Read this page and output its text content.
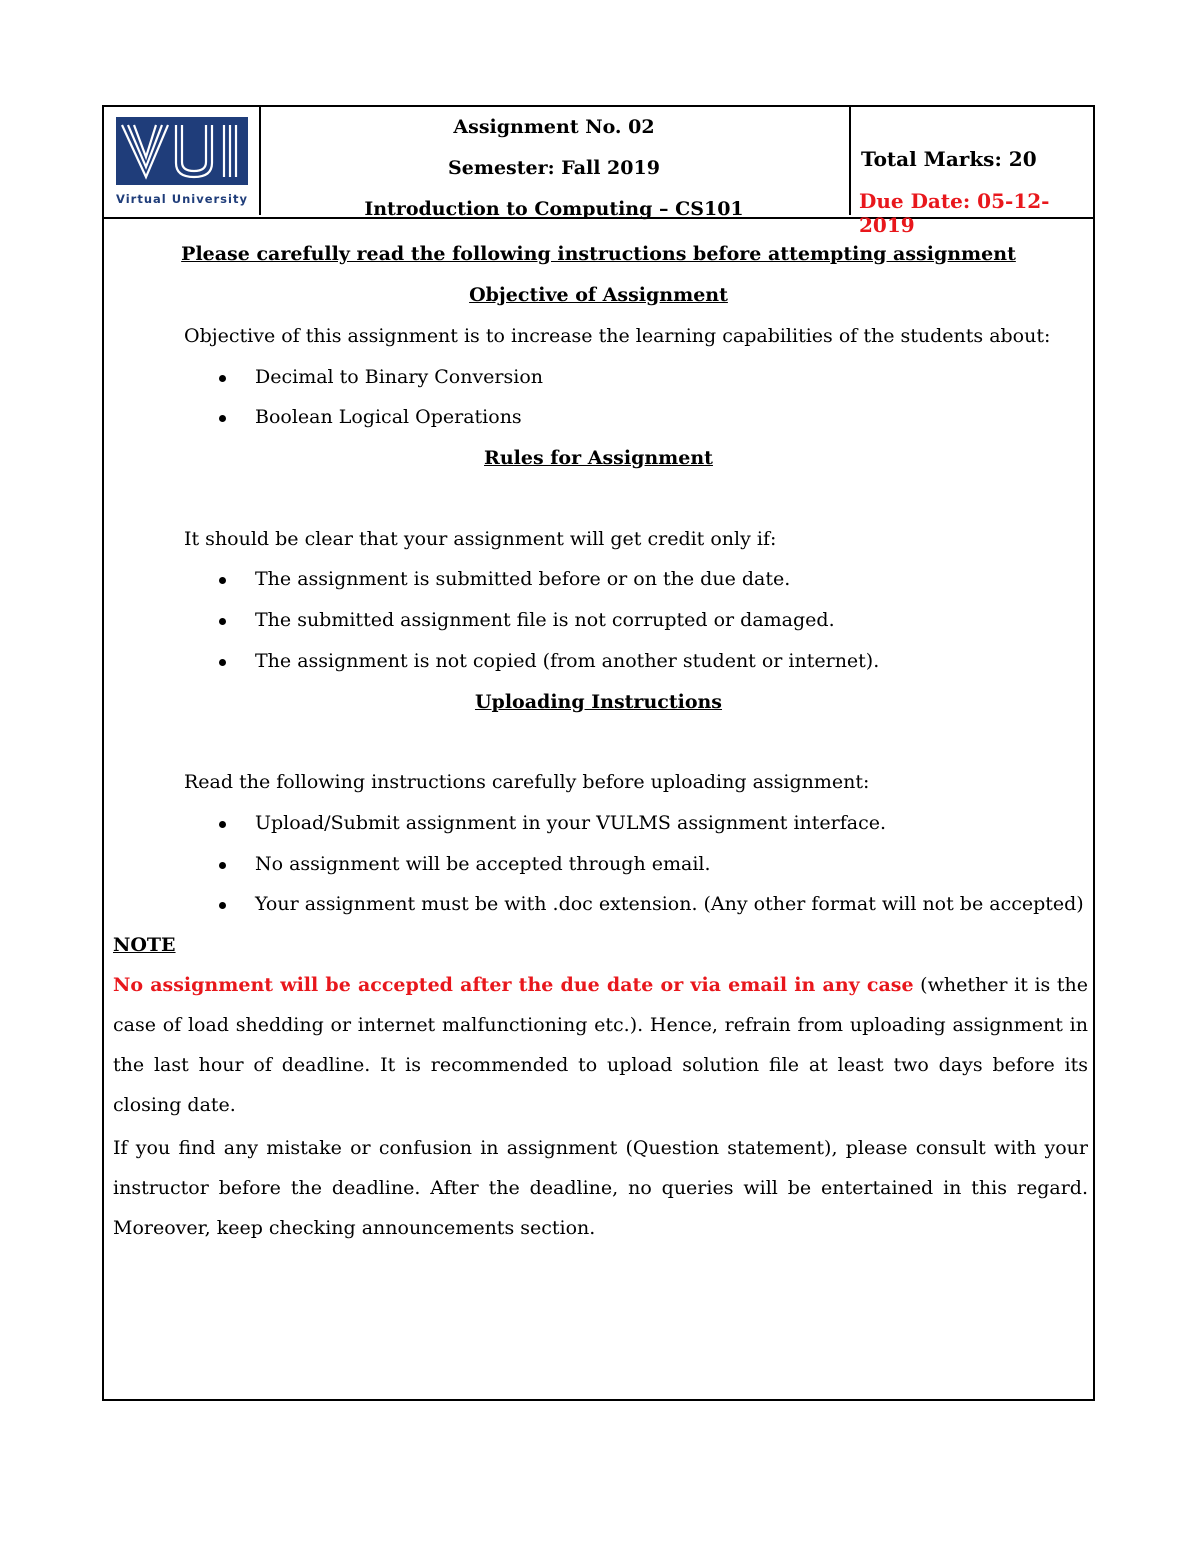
Virtual University
Assignment No. 02
Semester: Fall 2019
Introduction to Computing – CS101
Total Marks: 20
Due Date: 05-12-2019
Please carefully read the following instructions before attempting assignment
Objective of Assignment
Objective of this assignment is to increase the learning capabilities of the students about:
Decimal to Binary Conversion
Boolean Logical Operations
Rules for Assignment
It should be clear that your assignment will get credit only if:
The assignment is submitted before or on the due date.
The submitted assignment file is not corrupted or damaged.
The assignment is not copied (from another student or internet).
Uploading Instructions
Read the following instructions carefully before uploading assignment:
Upload/Submit assignment in your VULMS assignment interface.
No assignment will be accepted through email.
Your assignment must be with .doc extension. (Any other format will not be accepted)
NOTE
No assignment will be accepted after the due date or via email in any case (whether it is the case of load shedding or internet malfunctioning etc.). Hence, refrain from uploading assignment in the last hour of deadline. It is recommended to upload solution file at least two days before its closing date.
If you find any mistake or confusion in assignment (Question statement), please consult with your instructor before the deadline. After the deadline, no queries will be entertained in this regard. Moreover, keep checking announcements section.
